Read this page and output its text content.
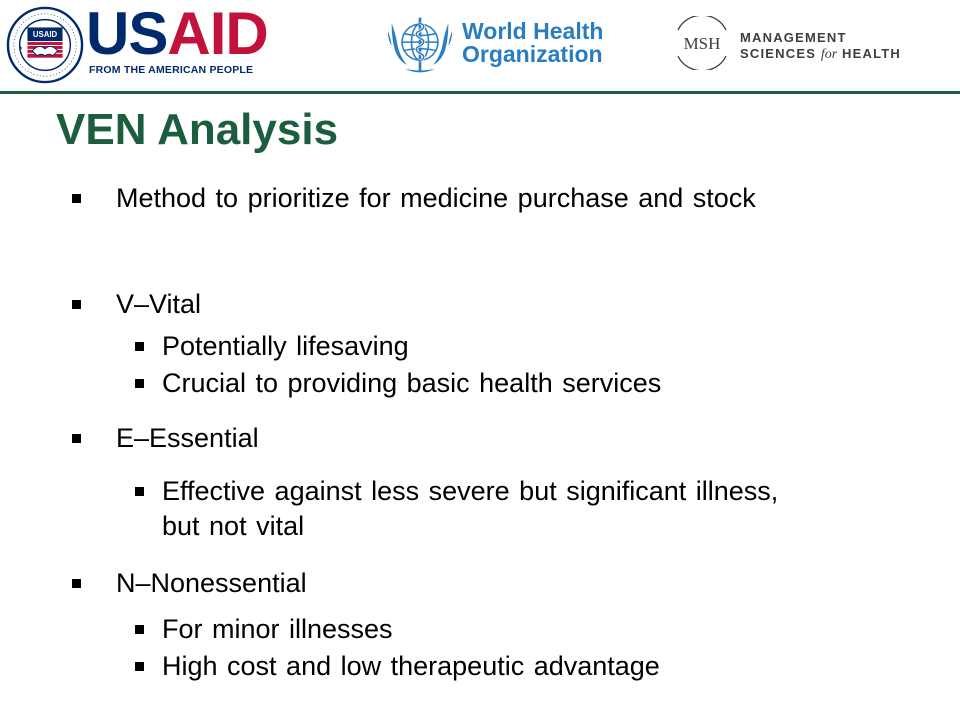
USAID USAID
FROM THE AMERICAN PEOPLE
World Health
Organization	MSH MANAGEMENT
SCIENCES for HEALTH
VEN Analysis
Method to prioritize for medicine purchase and stock
V–Vital
Potentially lifesaving
Crucial to providing basic health services
E–Essential
Effective against less severe but significant illness, but not vital
N–Nonessential
For minor illnesses
High cost and low therapeutic advantage
